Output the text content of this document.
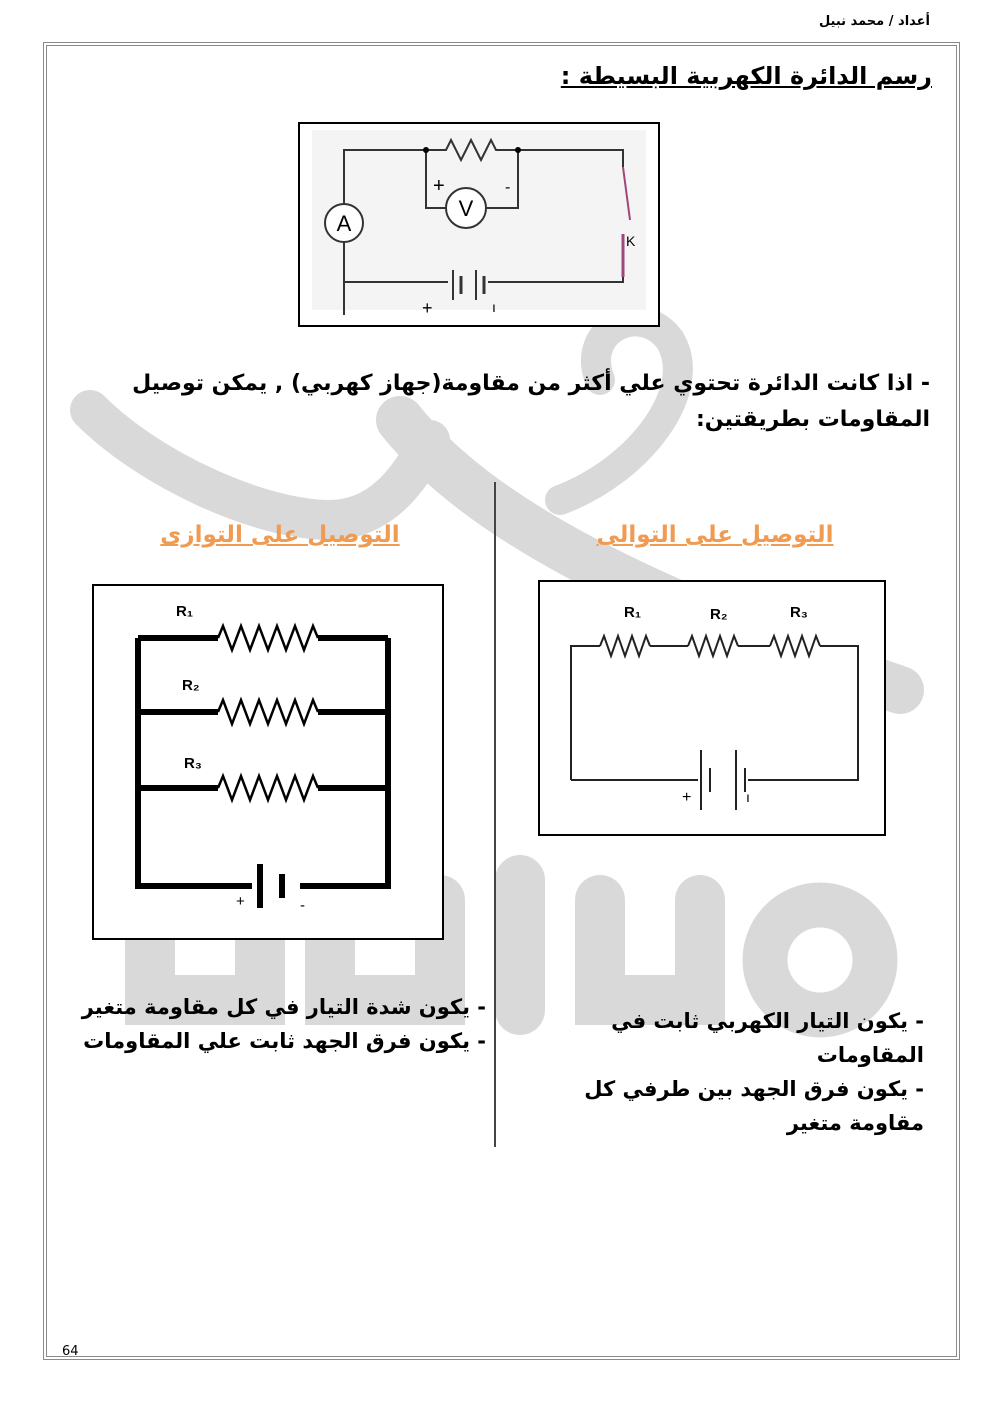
أعداد / محمد نبيل
رسم الدائرة الكهربية البسيطة :
A
V
+	-
K
+	ı
- اذا كانت الدائرة تحتوي علي أكثر من مقاومة(جهاز كهربي) , يمكن توصيل المقاومات بطريقتين:
التوصيل على التوالى
التوصيل على التوازى
R₁	R₂	R₃
+	ı
R₁
R₂
R₃
+	-
- يكون التيار الكهربي ثابت في المقاومات
- يكون فرق الجهد بين طرفي كل مقاومة متغير
- يكون شدة التيار في كل مقاومة متغير
- يكون فرق الجهد ثابت علي المقاومات
64
